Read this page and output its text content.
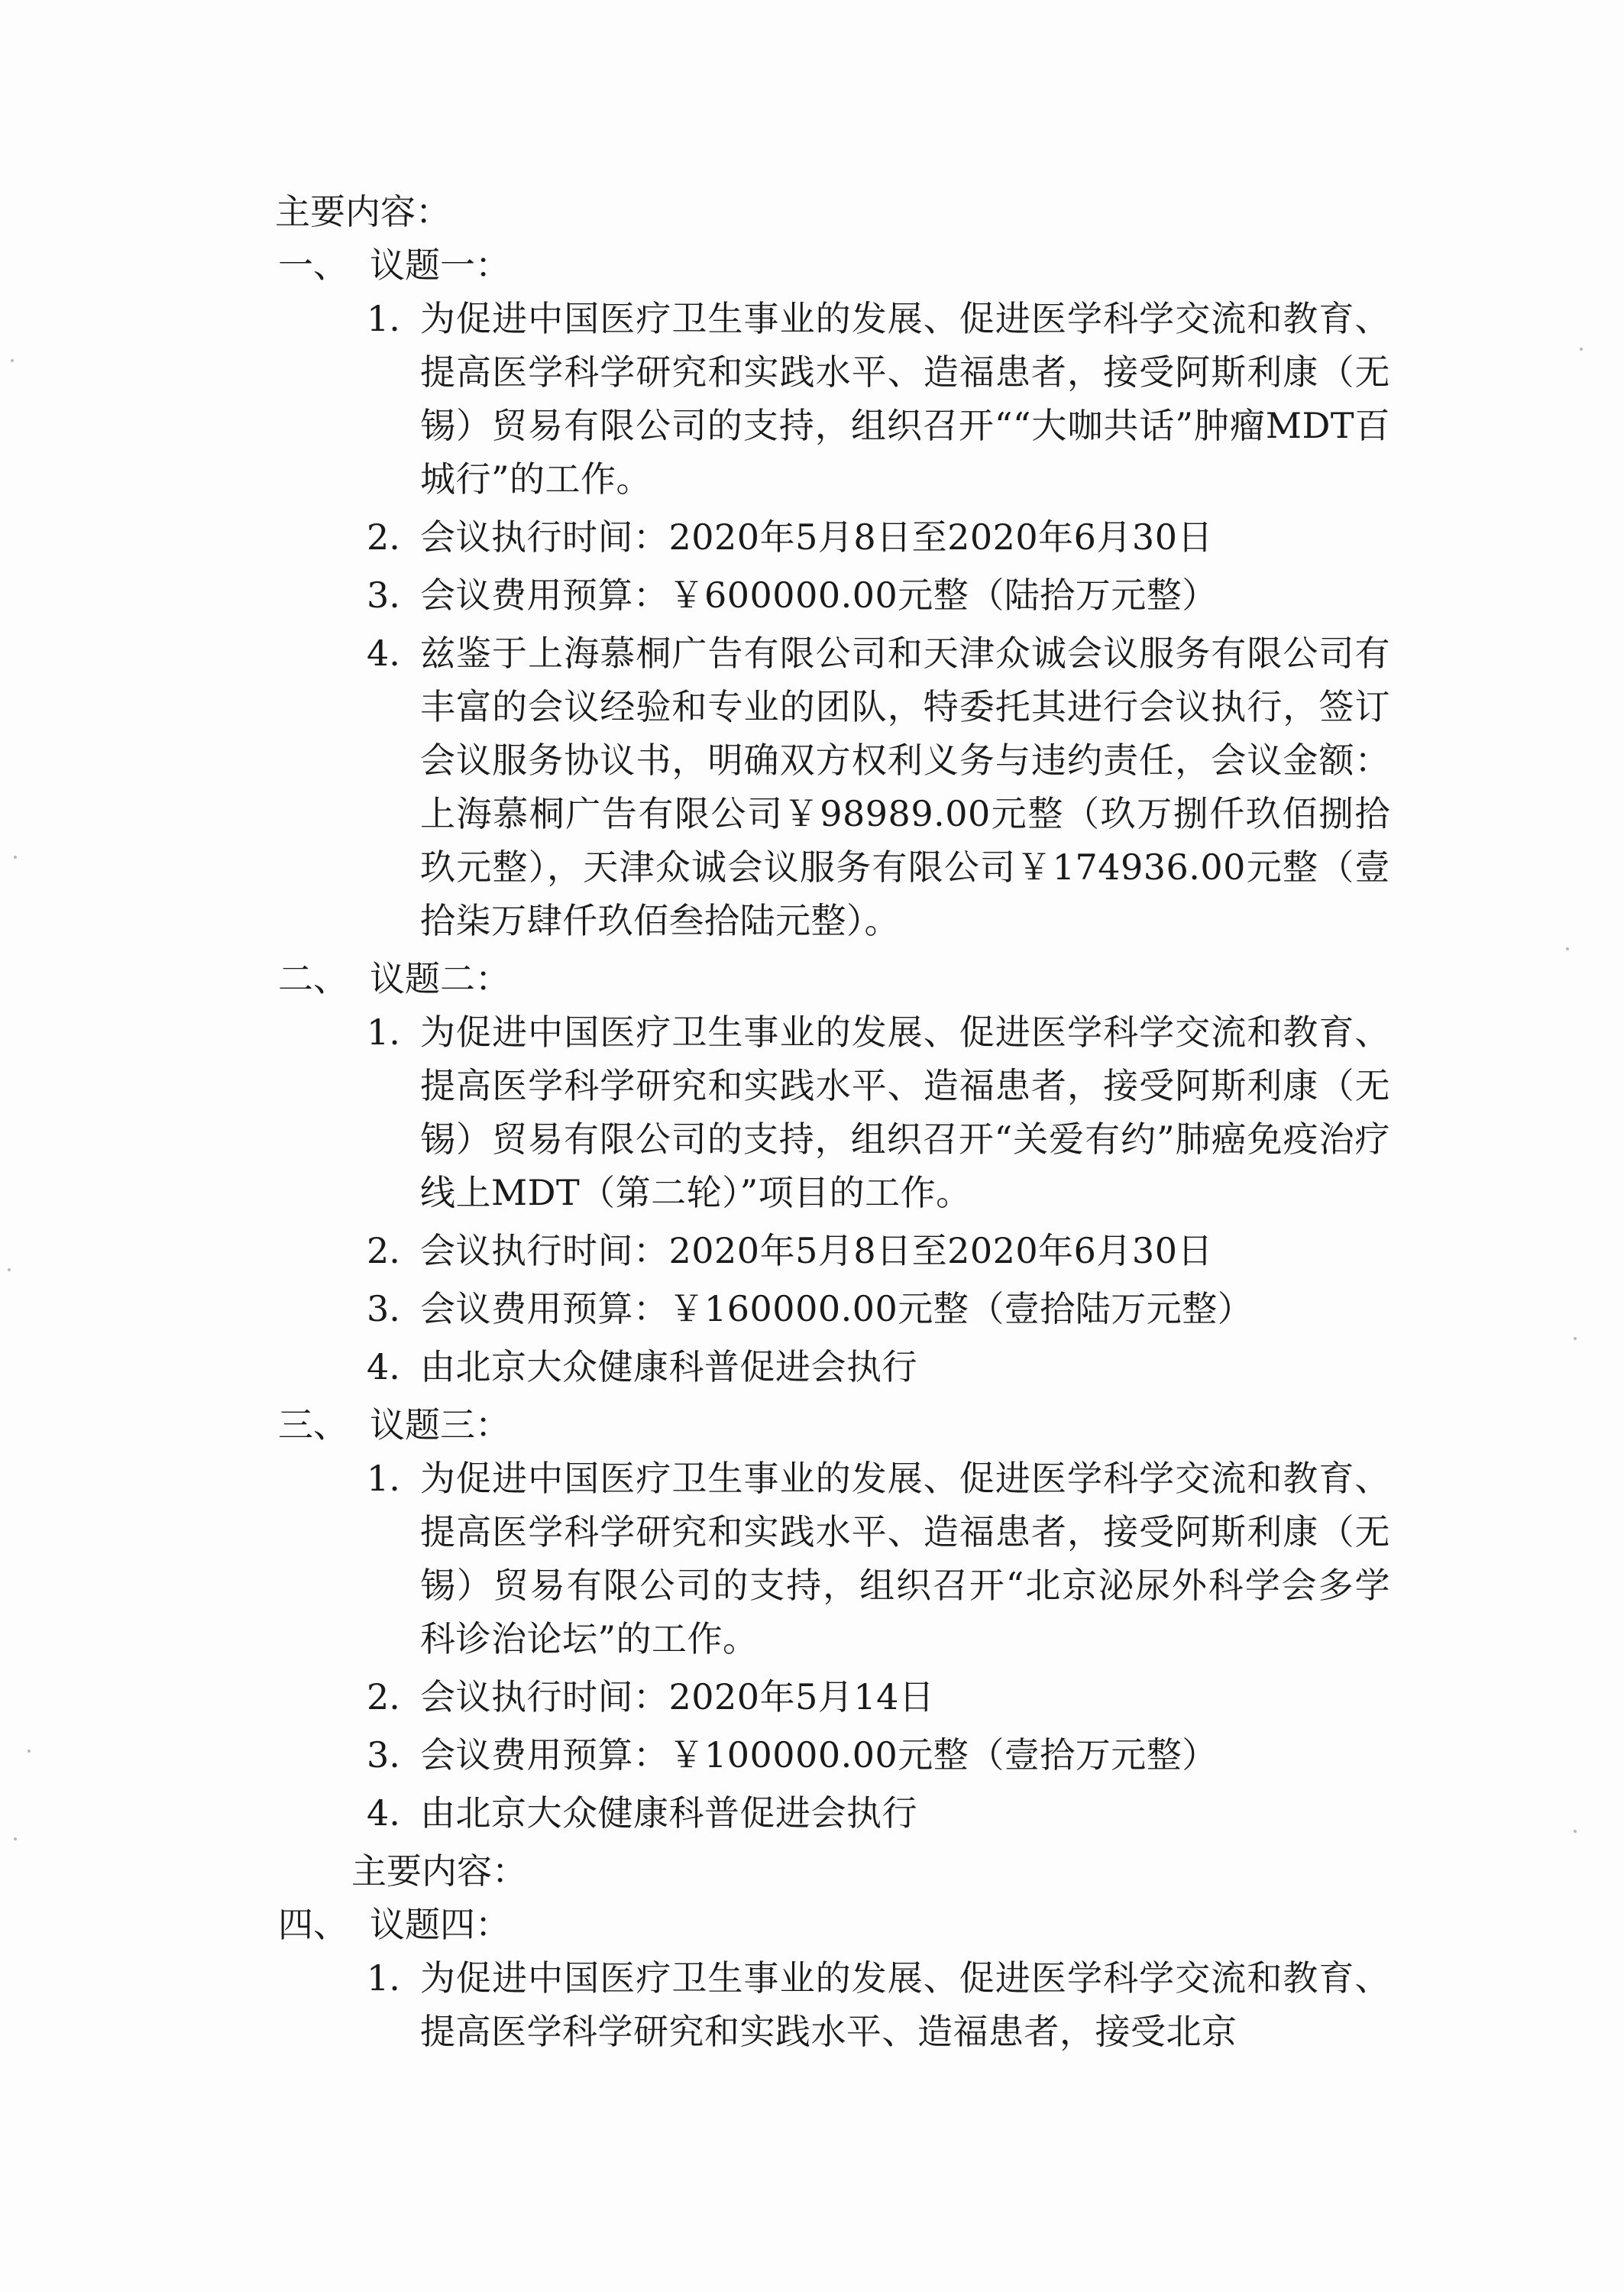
主要内容：
一、 议题一：
1. 为促进中国医疗卫生事业的发展、促进医学科学交流和教育、提高医学科学研究和实践水平、造福患者，接受阿斯利康（无锡）贸易有限公司的支持，组织召开““大咖共话”肿瘤MDT百城行”的工作。
2. 会议执行时间：2020年5月8日至2020年6月30日
3. 会议费用预算：￥600000.00元整（陆拾万元整）
4. 兹鉴于上海慕桐广告有限公司和天津众诚会议服务有限公司有丰富的会议经验和专业的团队，特委托其进行会议执行，签订会议服务协议书，明确双方权利义务与违约责任，会议金额：上海慕桐广告有限公司￥98989.00元整（玖万捌仟玖佰捌拾玖元整），天津众诚会议服务有限公司￥174936.00元整（壹拾柒万肆仟玖佰叁拾陆元整）。
二、 议题二：
1. 为促进中国医疗卫生事业的发展、促进医学科学交流和教育、提高医学科学研究和实践水平、造福患者，接受阿斯利康（无锡）贸易有限公司的支持，组织召开“关爱有约”肺癌免疫治疗线上MDT（第二轮）”项目的工作。
2. 会议执行时间：2020年5月8日至2020年6月30日
3. 会议费用预算：￥160000.00元整（壹拾陆万元整）
4. 由北京大众健康科普促进会执行
三、 议题三：
1. 为促进中国医疗卫生事业的发展、促进医学科学交流和教育、提高医学科学研究和实践水平、造福患者，接受阿斯利康（无锡）贸易有限公司的支持，组织召开“北京泌尿外科学会多学科诊治论坛”的工作。
2. 会议执行时间：2020年5月14日
3. 会议费用预算：￥100000.00元整（壹拾万元整）
4. 由北京大众健康科普促进会执行
主要内容：
四、 议题四：
1. 为促进中国医疗卫生事业的发展、促进医学科学交流和教育、提高医学科学研究和实践水平、造福患者，接受北京
